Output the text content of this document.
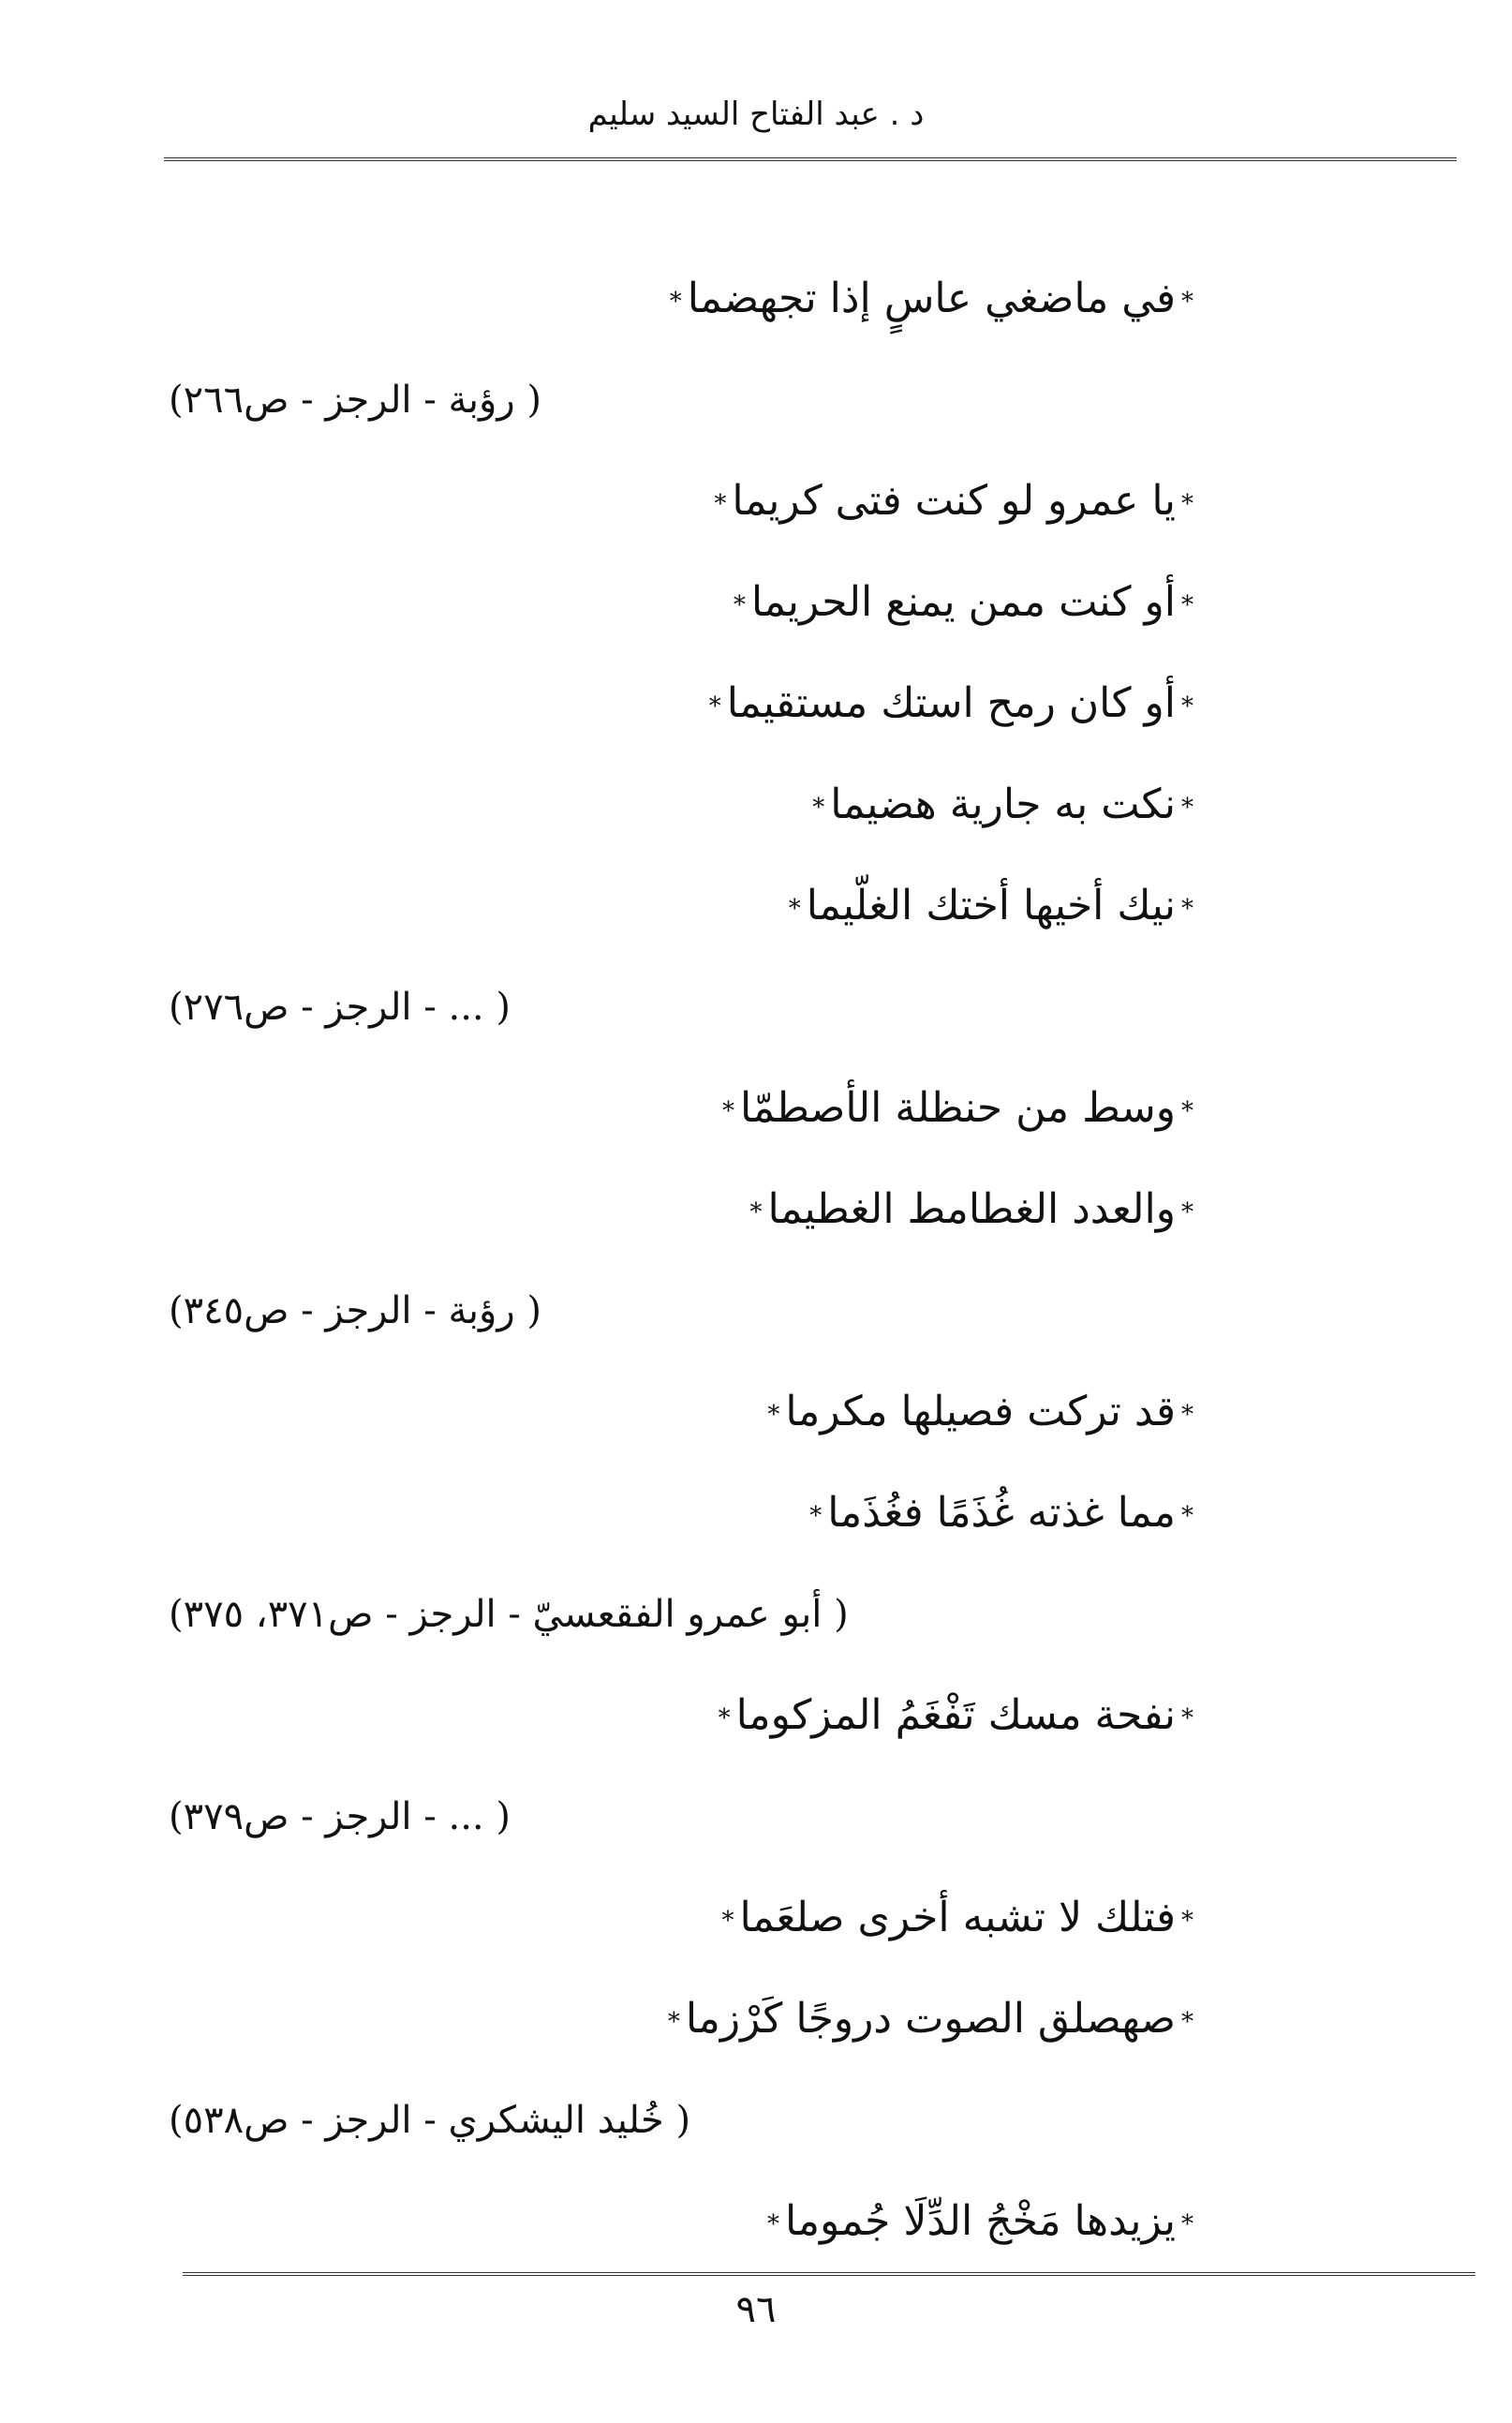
د . عبد الفتاح السيد سليم
*في ماضغي عاسٍ إذا تجهضما*
( رؤبة - الرجز - ص٢٦٦)
*يا عمرو لو كنت فتى كريما*
*أو كنت ممن يمنع الحريما*
*أو كان رمح استك مستقيما*
*نكت به جارية هضيما*
*نيك أخيها أختك الغلّيما*
( ... - الرجز - ص٢٧٦)
*وسط من حنظلة الأصطمّا*
*والعدد الغطامط الغطيما*
( رؤبة - الرجز - ص٣٤٥)
*قد تركت فصيلها مكرما*
*مما غذته غُذَمًا فغُذَما*
( أبو عمرو الفقعسيّ - الرجز - ص٣٧١، ٣٧٥)
*نفحة مسك تَفْغَمُ المزكوما*
( ... - الرجز - ص٣٧٩)
*فتلك لا تشبه أخرى صلعَما*
*صهصلق الصوت دروجًا كَرْزما*
( خُليد اليشكري - الرجز - ص٥٣٨)
*يزيدها مَخْجُ الدِّلَا جُموما*
٩٦
